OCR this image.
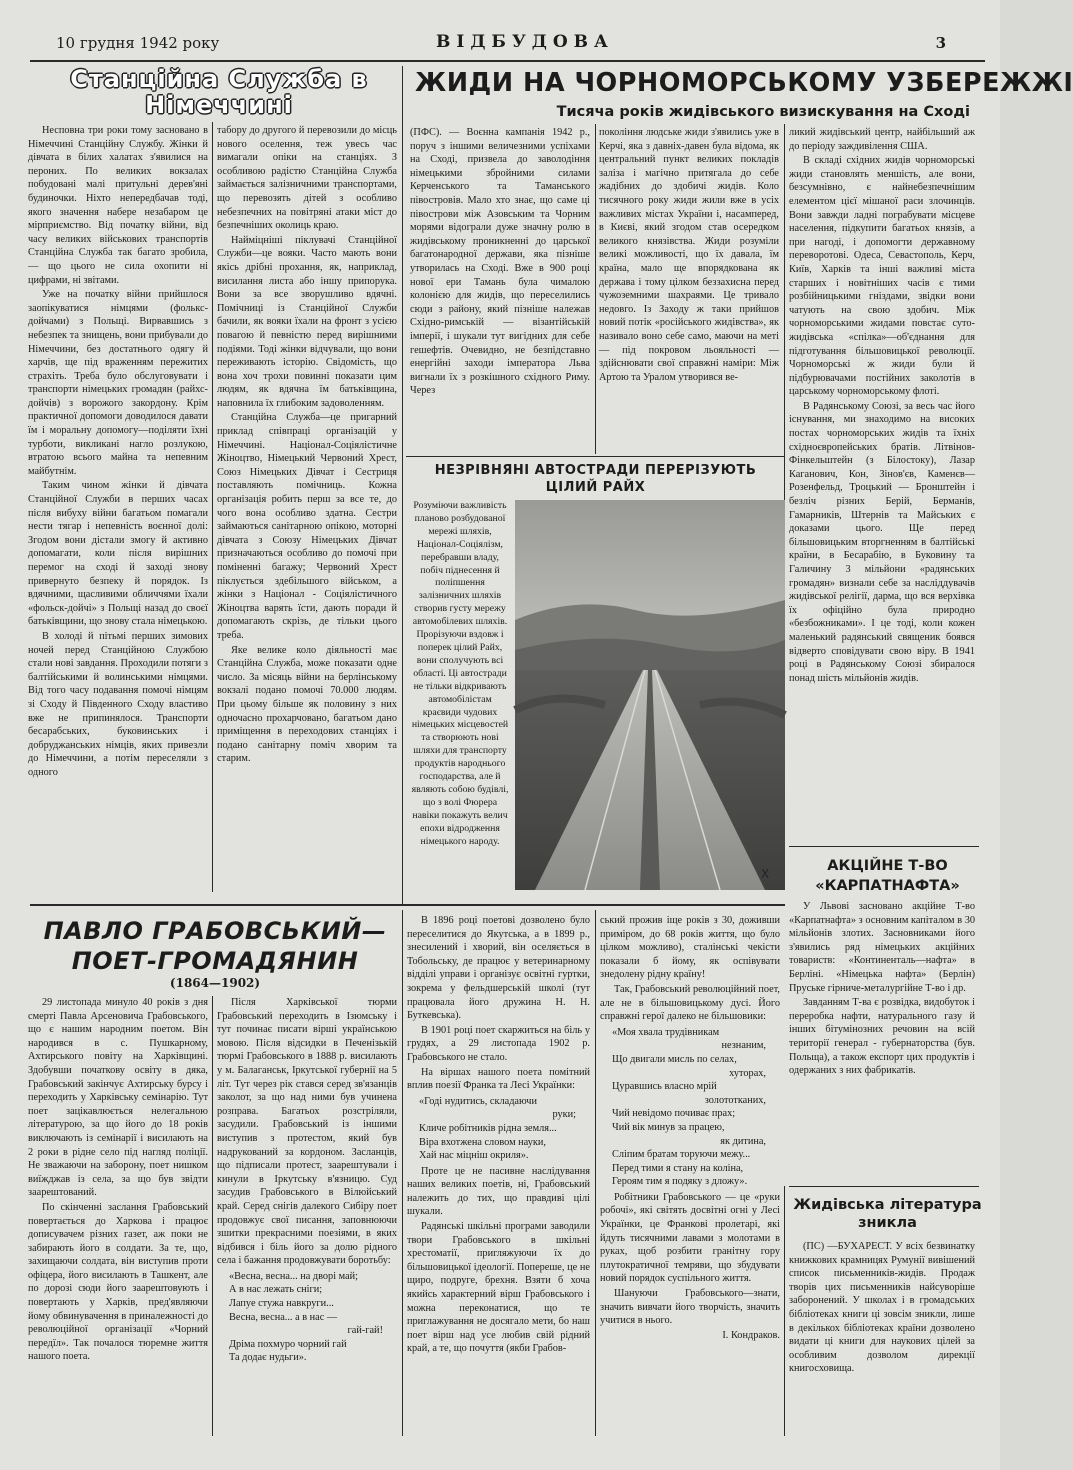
10 грудня 1942 року	ВІДБУДОВА	3
Станційна Служба в Німеччині

Несповна три роки тому засновано в Німеччині Станційну Службу. Жінки й дівчата в білих халатах з'явилися на пероних. По великих вокзалах побудовані малі притульні дерев'яні будиночки. Ніхто непередбачав тоді, якого значення набере незабаром це мірприємство. Від початку війни, від часу великих військових транспортів Станційна Служба так багато зробила, — що цього не сила охопити ні цифрами, ні звітами.

Уже на початку війни прийшлося заопікуватися німцями (фолькс-дойчами) з Польщі. Вирвавшись з небезпек та знищень, вони прибували до Німеччини, без достатнього одягу й харчів, ще під враженням пережитих страхіть. Треба було обслуговувати і транспорти німецьких громадян (райхс-дойчів) з ворожого закордону. Крім практичної допомоги доводилося давати їм і моральну допомогу—поділяти їхні турботи, викликані нагло розлукою, втратою всього майна та непевним майбутнім.

Таким чином жінки й дівчата Станційної Служби в перших часах після вибуху війни багатьом помагали нести тягар і непевність воєнної долі: Згодом вони дістали змогу й активно допомагати, коли після вирішних перемог на сході й заході знову привернуто безпеку й порядок. Із вдячними, щасливими обличчями їхали «фольск-дойчі» з Польщі назад до своєї батьківщини, що знову стала німецькою.

В холоді й пітьмі перших зимових ночей перед Станційною Службою стали нові завдання. Проходили потяги з балтійськими й волинськими німцями. Від того часу подавання помочі німцям зі Сходу й Південного Сходу властиво вже не припинялося. Транспорти бесарабських, буковинських і добруджанських німців, яких привезли до Німеччини, а потім переселяли з одного

табору до другого й перевозили до місць нового оселення, теж увесь час вимагали опіки на станціях. З особливою радістю Станційна Служба займається залізничними транспортами, що перевозять дітей з особливо небезпечних на повітряні атаки міст до безпечніших околиць краю.

Найміцніші піклувачі Станційної Служби—це вояки. Часто мають вони якісь дрібні прохання, як, наприклад, висилання листа або іншу припорука. Вони за все зворушливо вдячні. Помічниці із Станційної Служби бачили, як вояки їхали на фронт з усією повагою й певністю перед вирішними подіями. Тоді жінки відчували, що вони переживають історію. Свідомість, що вона хоч трохи повинні показати цим людям, як вдячна їм батьківщина, наповнила їх глибоким задоволенням.

Станційна Служба—це пригарний приклад співпраці організацій у Німеччині. Націонал-Соціялістичне Жіноцтво, Німецький Червоний Хрест, Союз Німецьких Дівчат і Сестриця поставляють помічниць. Кожна організація робить перш за все те, до чого вона особливо здатна. Сестри займаються санітарною опікою, моторні дівчата з Союзу Німецьких Дівчат призначаються особливо до помочі при поміненні багажу; Червоний Хрест піклується здебільшого військом, а жінки з Націонал - Соціялістичного Жіноцтва варять їсти, дають поради й допомагають скрізь, де тільки цього треба.

Яке велике коло діяльності має Станційна Служба, може показати одне число. За місяць війни на берлінському вокзалі подано помочі 70.000 людям. При цьому більше як половину з них одночасно прохарчовано, багатьом дано приміщення в переходових станціях і подано санітарну поміч хворим та старим.

ЖИДИ НА ЧОРНОМОРСЬКОМУ УЗБЕРЕЖЖІ
Тисяча років жидівського визискування на Сході
(ПФС). — Воєнна кампанія 1942 р., поруч з іншими величезними успіхами на Сході, призвела до заволодіння німецькими збройними силами Керченського та Таманського півостровів. Мало хто знає, що саме ці півострови між Азовським та Чорним морями відограли дуже значну ролю в жидівському проникненні до царської багатонародної держави, яка пізніше утворилась на Сході. Вже в 900 році нової ери Тамань була чималою колонією для жидів, що переселились сюди з району, який пізніше належав Східно-римській — візантійській імперії, і шукали тут вигідних для себе гешефтів. Очевидно, не безпідставно енергійні заходи імператора Льва вигнали їх з розкішного східного Риму. Через
покоління людське жиди з'явились уже в Керчі, яка з давніх-давен була відома, як центральний пункт великих покладів заліза і магічно притягала до себе жадібних до здобичі жидів. Коло тисячного року жиди жили вже в усіх важливих містах України і, насамперед, в Києві, який згодом став осередком великого князівства. Жиди розуміли великі можливості, що їх давала, їм країна, мало ще впорядкована як держава і тому цілком беззахисна перед чужоземними шахраями. Це тривало недовго. Із Заходу ж таки прийшов новий потік «російського жидівства», як називало воно себе само, маючи на меті — під покровом льояльності — здійснювати свої справжні наміри: Між Артою та Уралом утворився ве-

ликий жидівський центр, найбільший аж до періоду заждивілення США.

В складі східних жидів чорноморські жиди становлять меншість, але вони, безсумнівно, є найнебезпечнішим елементом цієї мішаної раси злочинців. Вони завжди ладні пограбувати місцеве населення, підкупити багатьох князів, а при нагоді, і допомогти державному переворотові. Одеса, Севастополь, Керч, Київ, Харків та інші важливі міста старших і новітніших часів є тими розбійницькими гніздами, звідки вони чатують на свою здобич. Між чорноморськими жидами повстає суто-жидівська «спілка»—об'єднання для підготування більшовицької революції. Чорноморські ж жиди були й підбурювачами постійних заколотів в царському чорноморському флоті.

В Радянському Союзі, за весь час його існування, ми знаходимо на високих постах чорноморських жидів та їхніх східноєвропейських братів. Літвінов-Фінкельштейн (з Білостоку), Лазар Каганович, Кон, Зінов'єв, Каменєв—Розенфельд, Троцький — Бронштейн і безліч різних Берій, Берманів, Гамарників, Штернів та Майських є доказами цього. Ще перед більшовицьким вторгненням в балтійські країни, в Бесарабію, в Буковину та Галичину 3 мільйони «радянських громадян» визнали себе за насліддувачів жидівської релігії, дарма, що вся верхівка їх офіційно була природно «безбожниками». І це тоді, коли кожен маленький радянський священик боявся відверто сповідувати свою віру. В 1941 році в Радянському Союзі збиралося понад шість мільйонів жидів.

НЕЗРІВНЯНІ АВТОСТРАДИ ПЕРЕРІЗУЮТЬ ЦІЛИЙ РАЙХ
Розуміючи важливість планово розбудованої мережі шляхів, Націонал-Соціялізм, перебравши владу, побіч піднесення й поліпшення залізничних шляхів створив густу мережу автомобілевих шляхів. Прорізуючи вздовж і поперек цілий Райх, вони сполучують всі області. Ці автостради не тільки відкривають автомобілістам краєвиди чудових німецьких місцевостей та створюють нові шляхи для транспорту продуктів народнього господарства, але й являють собою будівлі, що з волі Фюрера навіки покажуть велич епохи відродження німецького народу.
X	АКЦІЙНЕ Т-ВО «КАРПАТНАФТА»

У Львові засновано акційне Т-во «Карпатнафта» з основним капіталом в 30 мільйонів злотих. Засновниками його з'явились ряд німецьких акційних товариств: «Континенталь—нафта» в Берліні. «Німецька нафта» (Берлін) Пруське гірниче-металургійне Т-во і др.

Завданням Т-ва є розвідка, видобуток і переробка нафти, натурального газу й інших бітумінозних речовин на всій території генерал - губернаторства (був. Польща), а також експорт цих продуктів і одержаних з них фабрикатів.

Жидівська література зникла

(ПС) —БУХАРЕСТ. У всіх безвинатку книжкових крамницях Румунії вивішений список письменників-жидів. Продаж творів цих письменників найсуворіше заборонений. У школах і в громадських бібліотеках книги ці зовсім зникли, лише в декількох бібліотеках країни дозволено видати ці книги для наукових цілей за особливим дозволом дирекції книгосховища.

ПАВЛО ГРАБОВСЬКИЙ— ПОЕТ-ГРОМАДЯНИН
(1864—1902)

29 листопада минуло 40 років з дня смерті Павла Арсеновича Грабовського, що є нашим народним поетом. Він народився в с. Пушкарному, Ахтирського повіту на Харківщині. Здобувши початкову освіту в дяка, Грабовський закінчує Ахтирську бурсу і переходить у Харківську семінарію. Тут поет зацікавлюється нелегальною літературою, за що його до 18 років виключають із семінарії і висилають на 2 роки в рідне село під нагляд поліції. Не зважаючи на заборону, поет нишком виїжджав із села, за що був звідти заарештований.

По скінченні заслання Грабовський повертається до Харкова і працює дописувачем різних газет, аж поки не забирають його в солдати. За те, що, захищаючи солдата, він виступив проти офіцера, його висилають в Ташкент, але по дорозі сюди його заарештовують і повертають у Харків, пред'являючи йому обвинувачення в приналежності до революційної організації «Чорний передїл». Так почалося тюремне життя нашого поета.

Після Харківської тюрми Грабовський переходить в Ізюмську і тут починає писати вірші українською мовою. Після відсидки в Печенізькій тюрмі Грабовського в 1888 р. висилають у м. Балаганськ, Іркутської губернії на 5 літ. Тут через рік стався серед зв'язанців заколот, за що над ними був учинена розправа. Багатьох розстріляли, засудили. Грабовський із іншими виступив з протестом, який був надрукований за кордоном. Засланців, що підписали протест, заарештували і кинули в Іркутську в'язницю. Суд засудив Грабовського в Вілюйський край. Серед снігів далекого Сибіру поет продовжує свої писання, заповнюючи зшитки прекрасними поезіями, в яких відбився і біль його за долю рідного села і бажання продовжувати боротьбу:

«Весна, весна... на дворі май;
А в нас лежать сніги;
Лапуе стужа навкруги...
Весна, весна... а в нас —
гай-гай!
Дріма похмуро чорний гай
Та додає нудьги».

В 1896 році поетові дозволено було переселитися до Якутська, а в 1899 р., знесилений і хворий, він оселяється в Тобольську, де працює у ветеринарному відділі управи і організує освітні гуртки, зокрема у фельдшерській школі (тут працювала його дружина Н. Н. Буткевська).

В 1901 році поет скаржиться на біль у грудях, а 29 листопада 1902 р. Грабовського не стало.

На віршах нашого поета помітний вплив поезії Франка та Лесі Українки:

«Годі нудитись, складаючи
руки;
Кличе робітників рідна земля...
Віра вхотжена словом науки,
Хай нас міцніш окриля».

Проте це не пасивне наслідування наших великих поетів, ні, Грабовський належить до тих, що правдиві цілі шукали.

Радянські шкільні програми заводили твори Грабовського в шкільні хрестоматії, пригляжуючи їх до більшовицької ідеології. Попереше, це не щиро, подруге, брехня. Взяти б хоча якийсь характерний вірш Грабовського і можна переконатися, що те приглажування не досягало мети, бо наш поет вірш над усе любив свій рідний край, а те, що почуття (якби Грабов-

ський прожив іще років з 30, доживши приміром, до 68 років життя, що було цілком можливо), сталінські чекісти показали б йому, як оспівувати знедолену рідну країну!

Так, Грабовський революційний поет, але не в більшовицькому дусі. Його справжні герої далеко не більшовики:

«Моя хвала трудівникам
незнаним,
Що двигали мисль по селах,
хуторах,
Цуравшись власно мрій
золототканих,
Чий невідомо почиває прах;
Чий вік минув за працею,
як дитина,
Сліпим братам торуючи межу...
Перед тими я стану на коліна,
Героям тим я подяку з дложу».

Робітники Грабовського — це «руки робочі», які світять досвітні огні у Лесі Українки, це Франкові пролетарі, які йдуть тисячними лавами з молотами в руках, щоб розбити гранітну гору плутократичної темряви, що збудувати новий порядок суспільного життя.

Шануючи Грабовського—знати, значить вивчати його творчість, значить учитися в нього.

І. Кондраков.
